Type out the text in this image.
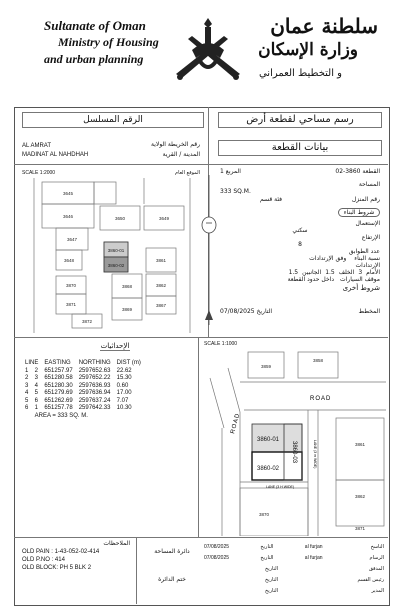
Sultanate of Oman
Ministry of Housing
and urban planning
سلطنة عمان
وزارة الإسكان
و التخطيط العمراني
الرقم المسلسل	رسم مساحي لقطعة أرض
بيانات القطعة
رقم الخريطة الولاية
AL AMRAT
المدينة / القرية
MADINAT AL NAHDHAH
SCALE 1:2000	الموقع العام
3645
3646	3650	3649
3647
3648
3860-01
3860-02
3861
3862
3870
3871
3872
3868
3869
3867
القطعة 3860-02
المربع 1
المساحة
333 SQ.M.
رقم المنزل
فئة قسم
شروط البناء
الإستعمال
سكني
الإرتفاع
8
عدد الطوابق
نسبة البناء
وفق الإرتدادات
الإرتدادات
الأمام
3
الخلف
1.5
الجانبين
1.5
موقف السيارات
داخل حدود القطعة
شروط أخرى
المخطط
التاريخ 07/08/2025
الإحداثيات
LINE		EASTING	NORTHING	DIST (m)
1	2	651257.97	2597652.63	22.62
2	3	651280.58	2597652.22	15.30
3	4	651280.30	2597636.93	0.60
4	5	651279.69	2597636.94	17.00
5	6	651262.69	2597637.24	7.07
6	1	651257.78	2597642.33	10.30
	AREA = 333 SQ. M.			
SCALE 1:1000
3859
3858
3861
3862
3870
3871
3860-01
3860-02
3860-03
ROAD
ROAD
LANE (3 H WIDE)
LANE (3 m WIDE)
الملاحظات
OLD PAIN : 1-43-052-02-414
OLD P.NO : 414
OLD BLOCK: PH 5 BLK 2
دائرة المساحة
ختم الدائرة
07/08/2025	التاريخ	al furjan	الناسخ
07/08/2025	التاريخ	al furjan	الرسام
التاريخ	المدقق
التاريخ	رئيس القسم
التاريخ	المدير
